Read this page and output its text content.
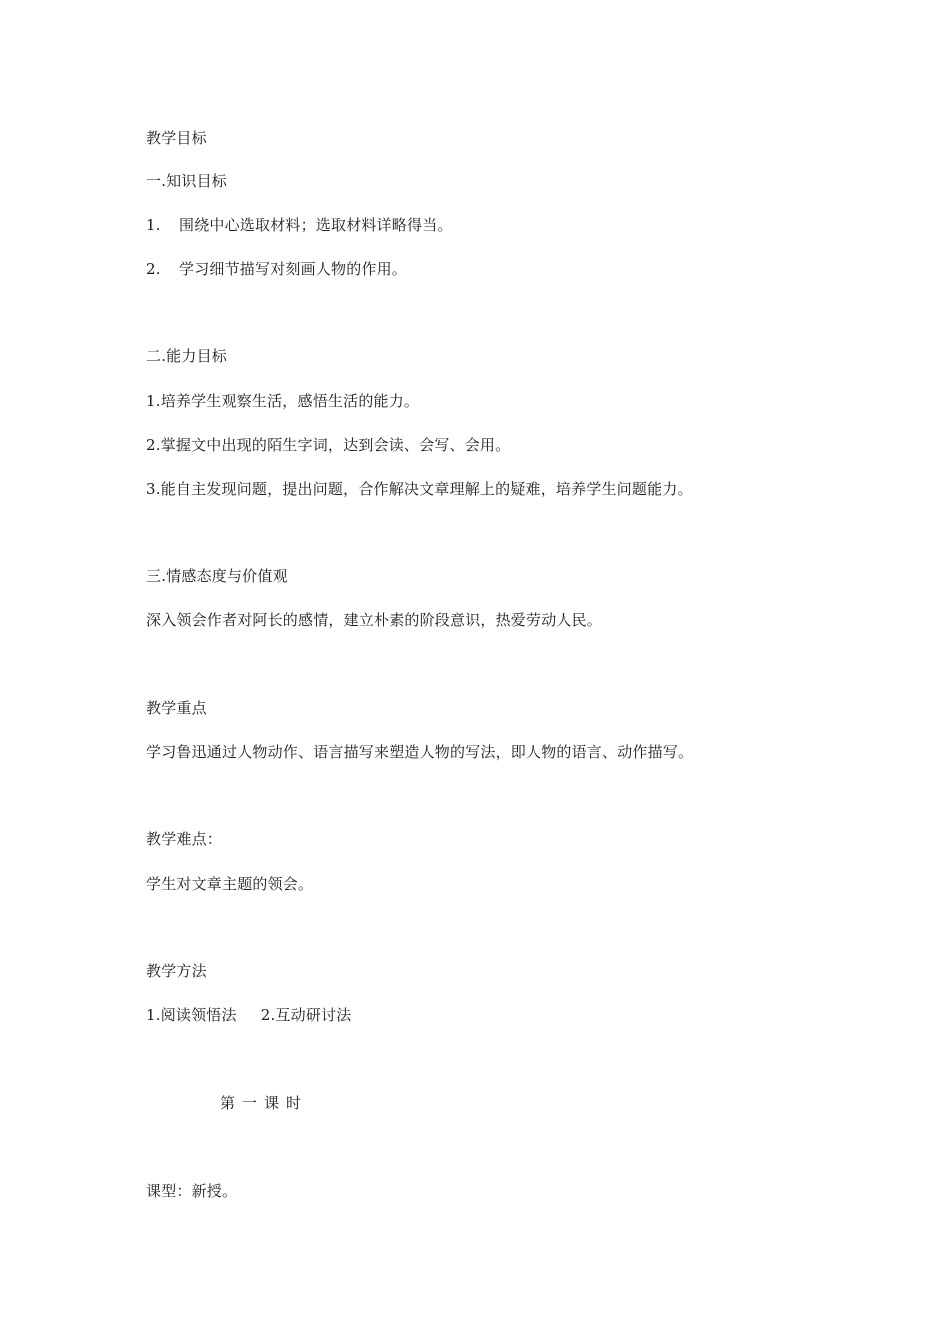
教学目标
一.知识目标
1. 围绕中心选取材料；选取材料详略得当。
2. 学习细节描写对刻画人物的作用。
二.能力目标
1.培养学生观察生活，感悟生活的能力。
2.掌握文中出现的陌生字词，达到会读、会写、会用。
3.能自主发现问题，提出问题，合作解决文章理解上的疑难，培养学生问题能力。
三.情感态度与价值观
深入领会作者对阿长的感情，建立朴素的阶段意识，热爱劳动人民。
教学重点
学习鲁迅通过人物动作、语言描写来塑造人物的写法，即人物的语言、动作描写。
教学难点：
学生对文章主题的领会。
教学方法
1.阅读领悟法 2.互动研讨法
第一课时
课型：新授。
